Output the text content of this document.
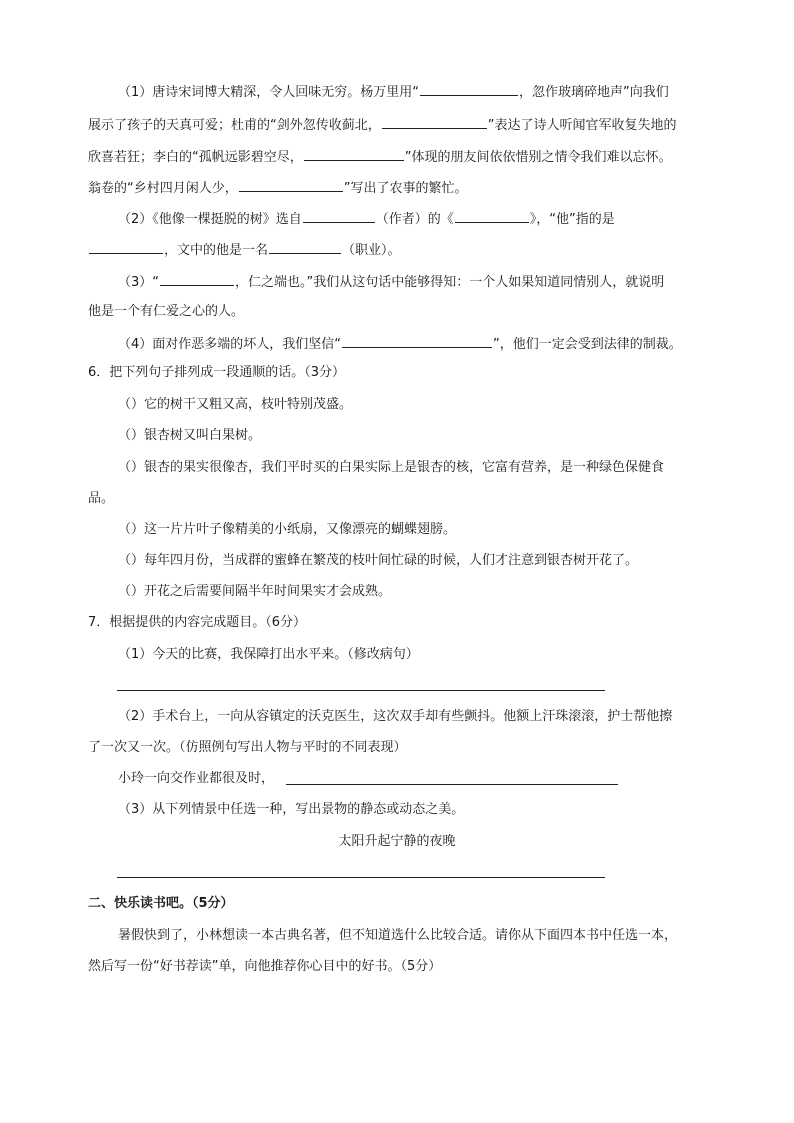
（1）唐诗宋词博大精深，令人回味无穷。杨万里用“	，忽作玻璃碎地声”向我们
展示了孩子的天真可爱；杜甫的“剑外忽传收蓟北，	”表达了诗人听闻官军收复失地的
欣喜若狂；李白的“孤帆远影碧空尽，	”体现的朋友间依依惜别之情令我们难以忘怀。
翁卷的“乡村四月闲人少，	”写出了农事的繁忙。
（2）《他像一棵挺脱的树》选自	（作者）的《	》，“他”指的是
，文中的他是一名	（职业）。
（3）“	，仁之端也。”我们从这句话中能够得知：一个人如果知道同情别人，就说明
他是一个有仁爱之心的人。
（4）面对作恶多端的坏人，我们坚信“	”，他们一定会受到法律的制裁。
6．把下列句子排列成一段通顺的话。（3分）
（）它的树干又粗又高，枝叶特别茂盛。
（）银杏树又叫白果树。
（）银杏的果实很像杏，我们平时买的白果实际上是银杏的核，它富有营养，是一种绿色保健食
品。
（）这一片片叶子像精美的小纸扇，又像漂亮的蝴蝶翅膀。
（）每年四月份，当成群的蜜蜂在繁茂的枝叶间忙碌的时候，人们才注意到银杏树开花了。
（）开花之后需要间隔半年时间果实才会成熟。
7．根据提供的内容完成题目。（6分）
（1）今天的比赛，我保障打出水平来。（修改病句）
（2）手术台上，一向从容镇定的沃克医生，这次双手却有些颤抖。他额上汗珠滚滚，护士帮他擦
了一次又一次。（仿照例句写出人物与平时的不同表现）
小玲一向交作业都很及时，
（3）从下列情景中任选一种，写出景物的静态或动态之美。
太阳升起宁静的夜晚
二、快乐读书吧。（5分）
暑假快到了，小林想读一本古典名著，但不知道选什么比较合适。请你从下面四本书中任选一本，
然后写一份“好书荐读”单，向他推荐你心目中的好书。（5分）
